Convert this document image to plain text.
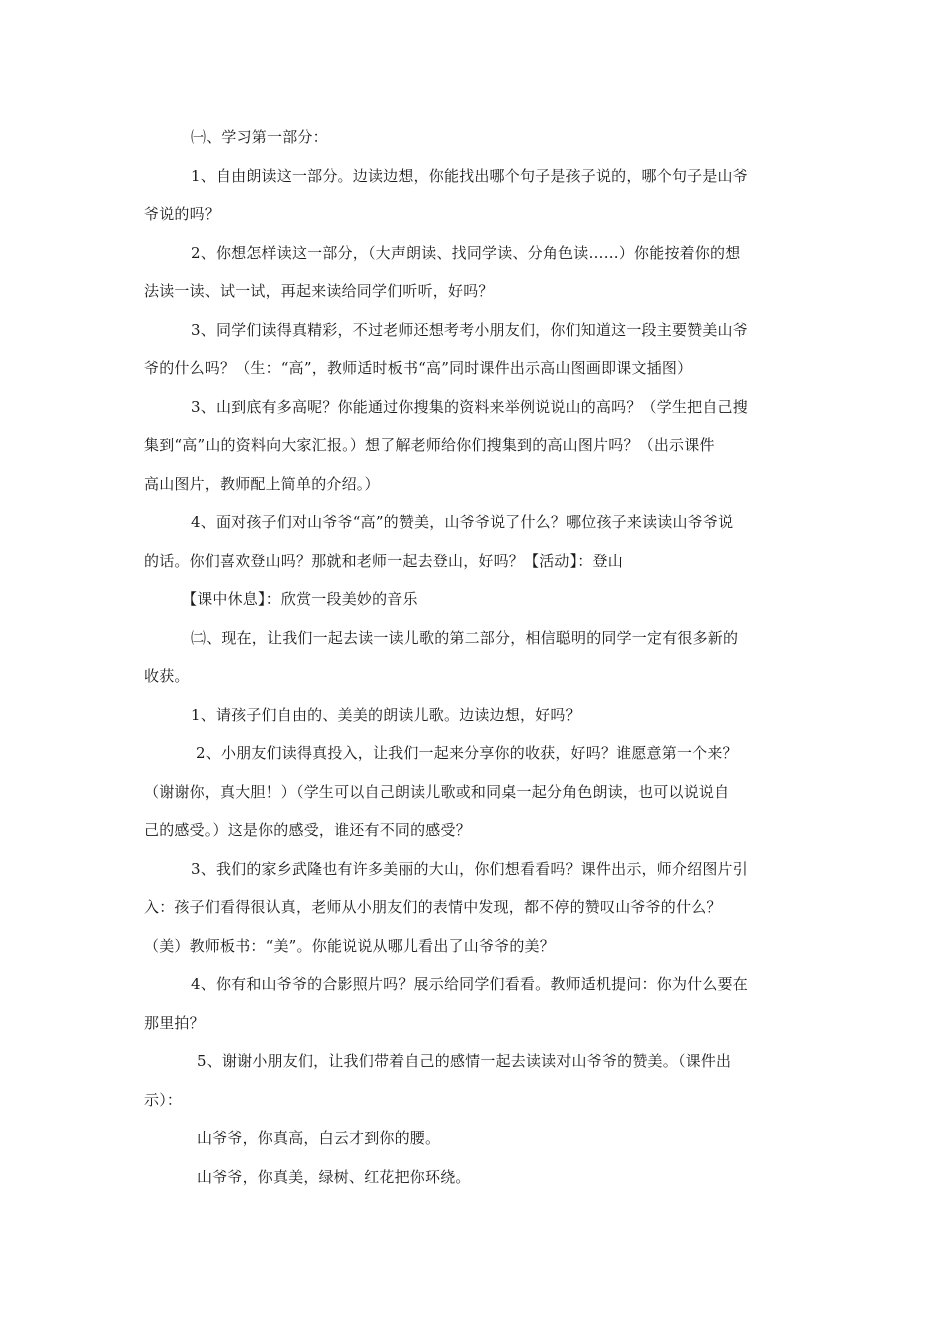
㈠、学习第一部分：
1、自由朗读这一部分。边读边想，你能找出哪个句子是孩子说的，哪个句子是山爷
爷说的吗？
2、你想怎样读这一部分，（大声朗读、找同学读、分角色读……）你能按着你的想
法读一读、试一试，再起来读给同学们听听，好吗？
3、同学们读得真精彩，不过老师还想考考小朋友们，你们知道这一段主要赞美山爷
爷的什么吗？（生：“高”，教师适时板书“高”同时课件出示高山图画即课文插图）
3、山到底有多高呢？你能通过你搜集的资料来举例说说山的高吗？（学生把自己搜
集到“高”山的资料向大家汇报。）想了解老师给你们搜集到的高山图片吗？（出示课件
高山图片，教师配上简单的介绍。）
4、面对孩子们对山爷爷“高”的赞美，山爷爷说了什么？哪位孩子来读读山爷爷说
的话。你们喜欢登山吗？那就和老师一起去登山，好吗？【活动】：登山
【课中休息】：欣赏一段美妙的音乐
㈡、现在，让我们一起去读一读儿歌的第二部分，相信聪明的同学一定有很多新的
收获。
1、请孩子们自由的、美美的朗读儿歌。边读边想，好吗？
2、小朋友们读得真投入，让我们一起来分享你的收获，好吗？谁愿意第一个来？
（谢谢你，真大胆！）（学生可以自己朗读儿歌或和同桌一起分角色朗读，也可以说说自
己的感受。）这是你的感受，谁还有不同的感受？
3、我们的家乡武隆也有许多美丽的大山，你们想看看吗？课件出示，师介绍图片引
入：孩子们看得很认真，老师从小朋友们的表情中发现，都不停的赞叹山爷爷的什么？
（美）教师板书：“美”。你能说说从哪儿看出了山爷爷的美？
4、你有和山爷爷的合影照片吗？展示给同学们看看。教师适机提问：你为什么要在
那里拍？
5、谢谢小朋友们，让我们带着自己的感情一起去读读对山爷爷的赞美。（课件出
示）：
山爷爷，你真高，白云才到你的腰。
山爷爷，你真美，绿树、红花把你环绕。
